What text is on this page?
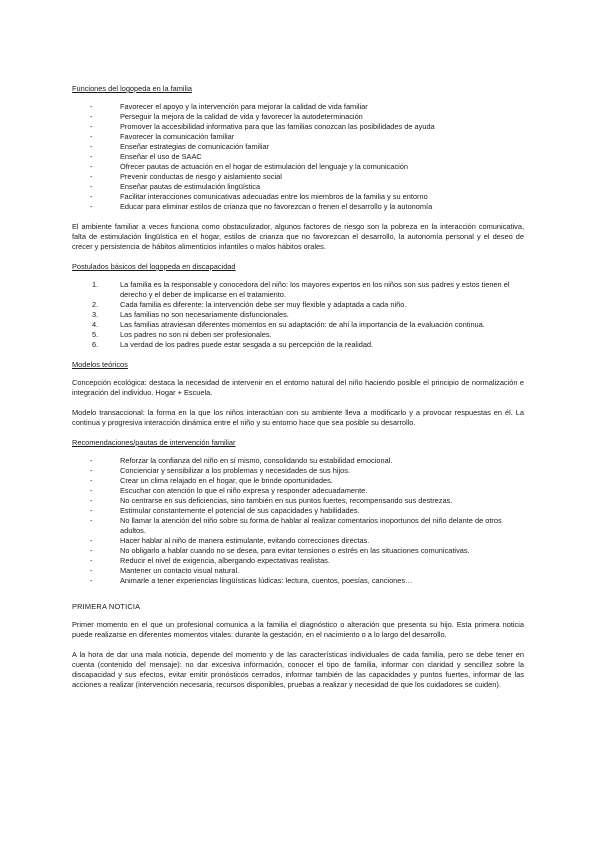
Funciones del logopeda en la familia
- Favorecer el apoyo y la intervención para mejorar la calidad de vida familiar
- Perseguir la mejora de la calidad de vida y favorecer la autodeterminación
- Promover la accesibilidad informativa para que las familias conozcan las posibilidades de ayuda
- Favorecer la comunicación familiar
- Enseñar estrategias de comunicación familiar
- Enseñar el uso de SAAC
- Ofrecer pautas de actuación en el hogar de estimulación del lenguaje y la comunicación
- Prevenir conductas de riesgo y aislamiento social
- Enseñar pautas de estimulación lingüística
- Facilitar interacciones comunicativas adecuadas entre los miembros de la familia y su entorno
- Educar para eliminar estilos de crianza que no favorezcan o frenen el desarrollo y la autonomía

El ambiente familiar a veces funciona como obstaculizador, algunos factores de riesgo son la pobreza en la interacción comunicativa, falta de estimulación lingüística en el hogar, estilos de crianza que no favorezcan el desarrollo, la autonomía personal y el deseo de crecer y persistencia de hábitos alimenticios infantiles o malos hábitos orales.

Postulados básicos del logopeda en discapacidad
1.	La familia es la responsable y conocedora del niño: los mayores expertos en los niños son sus padres y estos tienen el derecho y el deber de implicarse en el tratamiento.
2.	Cada familia es diferente: la intervención debe ser muy flexible y adaptada a cada niño.
3.	Las familias no son necesariamente disfuncionales.
4.	Las familias atraviesan diferentes momentos en su adaptación: de ahí la importancia de la evaluación continua.
5.	Los padres no son ni deben ser profesionales.
6.	La verdad de los padres puede estar sesgada a su percepción de la realidad.
Modelos teóricos

Concepción ecológica: destaca la necesidad de intervenir en el entorno natural del niño haciendo posible el principio de normalización e integración del individuo. Hogar + Escuela.

Modelo transaccional: la forma en la que los niños interactúan con su ambiente lleva a modificarlo y a provocar respuestas en él. La continua y progresiva interacción dinámica entre el niño y su entorno hace que sea posible su desarrollo.

Recomendaciones/pautas de intervención familiar
- Reforzar la confianza del niño en sí mismo, consolidando su estabilidad emocional.
- Concienciar y sensibilizar a los problemas y necesidades de sus hijos.
- Crear un clima relajado en el hogar, que le brinde oportunidades.
- Escuchar con atención lo que el niño expresa y responder adecuadamente.
- No centrarse en sus deficiencias, sino también en sus puntos fuertes, recompensando sus destrezas.
- Estimular constantemente el potencial de sus capacidades y habilidades.
- No llamar la atención del niño sobre su forma de hablar al realizar comentarios inoportunos del niño delante de otros adultos.
- Hacer hablar al niño de manera estimulante, evitando correcciones directas.
- No obligarlo a hablar cuando no se desea, para evitar tensiones o estrés en las situaciones comunicativas.
- Reducir el nivel de exigencia, albergando expectativas realistas.
- Mantener un contacto visual natural.
- Animarle a tener experiencias lingüísticas lúdicas: lectura, cuentos, poesías, canciones…
PRIMERA NOTICIA

Primer momento en el que un profesional comunica a la familia el diagnóstico o alteración que presenta su hijo. Esta primera noticia puede realizarse en diferentes momentos vitales: durante la gestación, en el nacimiento o a lo largo del desarrollo.

A la hora de dar una mala noticia, depende del momento y de las características individuales de cada familia, pero se debe tener en cuenta (contenido del mensaje): no dar excesiva información, conocer el tipo de familia, informar con claridad y sencillez sobre la discapacidad y sus efectos, evitar emitir pronósticos cerrados, informar también de las capacidades y puntos fuertes, informar de las acciones a realizar (intervención necesaria, recursos disponibles, pruebas a realizar y necesidad de que los cuidadores se cuiden).
